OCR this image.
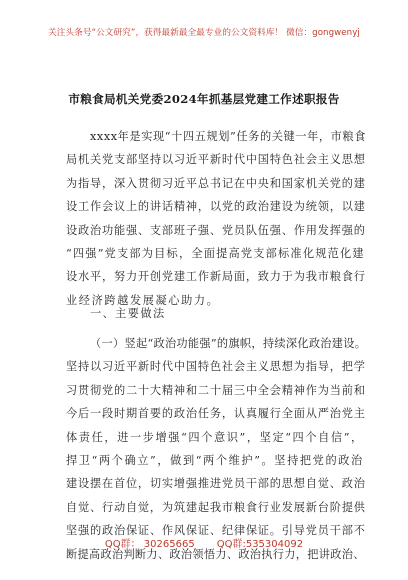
关注头条号“公文研究”，获得最新最全最专业的公文资料库！ 微信：gongwenyj
市粮食局机关党委2024年抓基层党建工作述职报告
xxxx年是实现“十四五规划”任务的关键一年，市粮食
局机关党支部坚持以习近平新时代中国特色社会主义思想
为指导，深入贯彻习近平总书记在中央和国家机关党的建
设工作会议上的讲话精神，以党的政治建设为统领，以建
设政治功能强、支部班子强、党员队伍强、作用发挥强的
“四强”党支部为目标，全面提高党支部标准化规范化建
设水平，努力开创党建工作新局面，致力于为我市粮食行
业经济跨越发展凝心助力。
一、主要做法
（一）竖起“政治功能强”的旗帜，持续深化政治建设。
坚持以习近平新时代中国特色社会主义思想为指导，把学
习贯彻党的二十大精神和二十届三中全会精神作为当前和
今后一段时期首要的政治任务，认真履行全面从严治党主
体责任，进一步增强“四个意识”，坚定“四个自信”，
捍卫“两个确立”，做到“两个维护”。坚持把党的政治
建设摆在首位，切实增强推进党员干部的思想自觉、政治
自觉、行动自觉，为筑建起我市粮食行业发展新台阶提供
坚强的政治保证、作风保证、纪律保证。引导党员干部不
断提高政治判断力、政治领悟力、政治执行力，把讲政治、
QQ群： 30265665 QQ群:535304092
